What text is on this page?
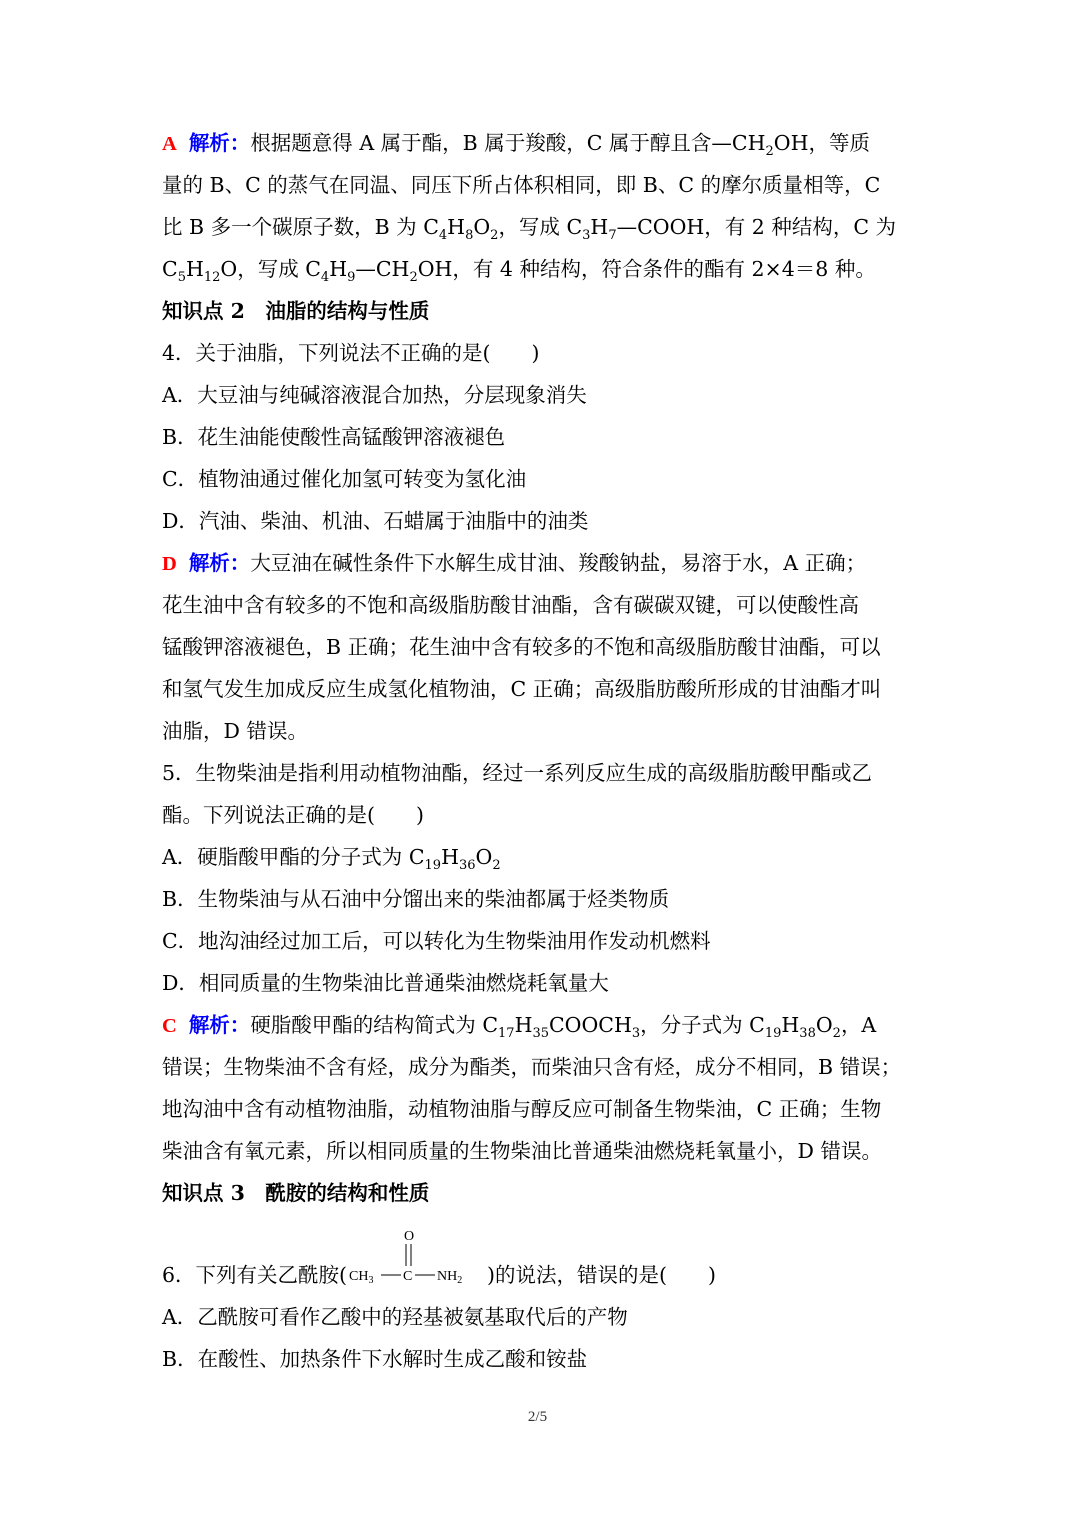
A 解析：根据题意得 A 属于酯，B 属于羧酸，C 属于醇且含$—CH_2OH$，等质
量的 B、C 的蒸气在同温、同压下所占体积相同，即 B、C 的摩尔质量相等，C
比 B 多一个碳原子数，B 为 $C_4H_8O_2$，写成 $C_3H_7—COOH$，有 2 种结构，C 为
$C_5H_{12}O$，写成 $C_4H_9—CH_2OH$，有 4 种结构，符合条件的酯有 2×4＝8 种。
知识点 2　油脂的结构与性质
4．关于油脂，下列说法不正确的是(　　)
A．大豆油与纯碱溶液混合加热，分层现象消失
B．花生油能使酸性高锰酸钾溶液褪色
C．植物油通过催化加氢可转变为氢化油
D．汽油、柴油、机油、石蜡属于油脂中的油类
D 解析：大豆油在碱性条件下水解生成甘油、羧酸钠盐，易溶于水，A 正确；
花生油中含有较多的不饱和高级脂肪酸甘油酯，含有碳碳双键，可以使酸性高
锰酸钾溶液褪色，B 正确；花生油中含有较多的不饱和高级脂肪酸甘油酯，可以
和氢气发生加成反应生成氢化植物油，C 正确；高级脂肪酸所形成的甘油酯才叫
油脂，D 错误。
5．生物柴油是指利用动植物油酯，经过一系列反应生成的高级脂肪酸甲酯或乙
酯。下列说法正确的是(　　)
A．硬脂酸甲酯的分子式为 $C_{19}H_{36}O_2$
B．生物柴油与从石油中分馏出来的柴油都属于烃类物质
C．地沟油经过加工后，可以转化为生物柴油用作发动机燃料
D．相同质量的生物柴油比普通柴油燃烧耗氧量大
C 解析：硬脂酸甲酯的结构简式为 $C_{17}H_{35}COOCH_3$，分子式为 $C_{19}H_{38}O_2$，A
错误；生物柴油不含有烃，成分为酯类，而柴油只含有烃，成分不相同，B 错误；
地沟油中含有动植物油脂，动植物油脂与醇反应可制备生物柴油，C 正确；生物
柴油含有氧元素，所以相同质量的生物柴油比普通柴油燃烧耗氧量小，D 错误。
知识点 3　酰胺的结构和性质
6．下列有关乙酰胺(
O
$CH_3$ C $NH_2$ )的说法，错误的是(　　)
A．乙酰胺可看作乙酸中的羟基被氨基取代后的产物
B．在酸性、加热条件下水解时生成乙酸和铵盐
2/5
